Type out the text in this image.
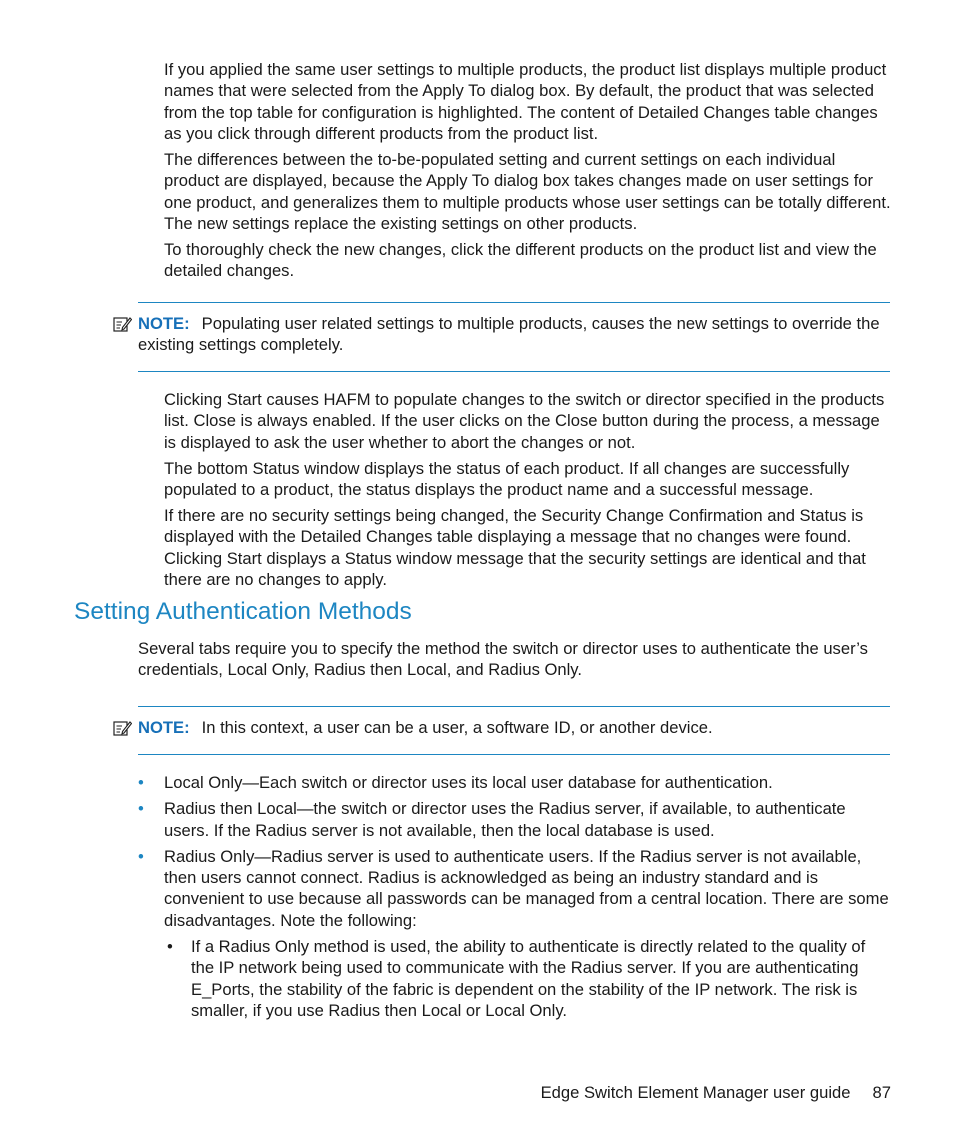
If you applied the same user settings to multiple products, the product list displays multiple product names that were selected from the Apply To dialog box. By default, the product that was selected from the top table for configuration is highlighted. The content of Detailed Changes table changes as you click through different products from the product list.

The differences between the to-be-populated setting and current settings on each individual product are displayed, because the Apply To dialog box takes changes made on user settings for one product, and generalizes them to multiple products whose user settings can be totally different. The new settings replace the existing settings on other products.

To thoroughly check the new changes, click the different products on the product list and view the detailed changes.

NOTE: Populating user related settings to multiple products, causes the new settings to override the existing settings completely.

Clicking Start causes HAFM to populate changes to the switch or director specified in the products list. Close is always enabled. If the user clicks on the Close button during the process, a message is displayed to ask the user whether to abort the changes or not.

The bottom Status window displays the status of each product. If all changes are successfully populated to a product, the status displays the product name and a successful message.

If there are no security settings being changed, the Security Change Confirmation and Status is displayed with the Detailed Changes table displaying a message that no changes were found. Clicking Start displays a Status window message that the security settings are identical and that there are no changes to apply.

Setting Authentication Methods

Several tabs require you to specify the method the switch or director uses to authenticate the user’s credentials, Local Only, Radius then Local, and Radius Only.

NOTE: In this context, a user can be a user, a software ID, or another device.
• Local Only—Each switch or director uses its local user database for authentication.
• Radius then Local—the switch or director uses the Radius server, if available, to authenticate users. If the Radius server is not available, then the local database is used.
• Radius Only—Radius server is used to authenticate users. If the Radius server is not available, then users cannot connect. Radius is acknowledged as being an industry standard and is convenient to use because all passwords can be managed from a central location. There are some disadvantages. Note the following:
• If a Radius Only method is used, the ability to authenticate is directly related to the quality of the IP network being used to communicate with the Radius server. If you are authenticating E_Ports, the stability of the fabric is dependent on the stability of the IP network. The risk is smaller, if you use Radius then Local or Local Only.
Edge Switch Element Manager user guide 87
